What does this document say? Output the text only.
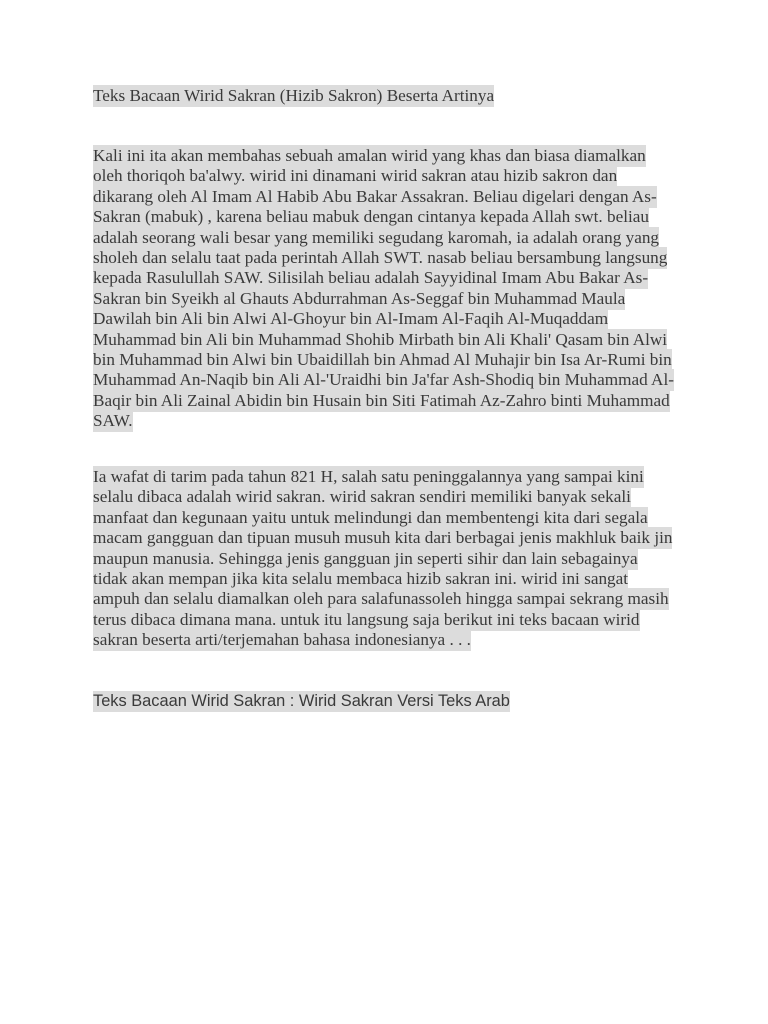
Teks Bacaan Wirid Sakran (Hizib Sakron) Beserta Artinya

Kali ini ita akan membahas sebuah amalan wirid yang khas dan biasa diamalkan oleh thoriqoh ba'alwy. wirid ini dinamani wirid sakran atau hizib sakron dan dikarang oleh Al Imam Al Habib Abu Bakar Assakran. Beliau digelari dengan As-Sakran (mabuk) , karena beliau mabuk dengan cintanya kepada Allah swt. beliau adalah seorang wali besar yang memiliki segudang karomah, ia adalah orang yang sholeh dan selalu taat pada perintah Allah SWT. nasab beliau bersambung langsung kepada Rasulullah SAW. Silisilah beliau adalah Sayyidinal Imam Abu Bakar As-Sakran bin Syeikh al Ghauts Abdurrahman As-Seggaf bin Muhammad Maula Dawilah bin Ali bin Alwi Al-Ghoyur bin Al-Imam Al-Faqih Al-Muqaddam Muhammad bin Ali bin Muhammad Shohib Mirbath bin Ali Khali' Qasam bin Alwi bin Muhammad bin Alwi bin Ubaidillah bin Ahmad Al Muhajir bin Isa Ar-Rumi bin Muhammad An-Naqib bin Ali Al-'Uraidhi bin Ja'far Ash-Shodiq bin Muhammad Al-Baqir bin Ali Zainal Abidin bin Husain bin Siti Fatimah Az-Zahro binti Muhammad SAW.

Ia wafat di tarim pada tahun 821 H, salah satu peninggalannya yang sampai kini selalu dibaca adalah wirid sakran. wirid sakran sendiri memiliki banyak sekali manfaat dan kegunaan yaitu untuk melindungi dan membentengi kita dari segala macam gangguan dan tipuan musuh musuh kita dari berbagai jenis makhluk baik jin maupun manusia. Sehingga jenis gangguan jin seperti sihir dan lain sebagainya tidak akan mempan jika kita selalu membaca hizib sakran ini. wirid ini sangat ampuh dan selalu diamalkan oleh para salafunassoleh hingga sampai sekrang masih terus dibaca dimana mana. untuk itu langsung saja berikut ini teks bacaan wirid sakran beserta arti/terjemahan bahasa indonesianya . . .

Teks Bacaan Wirid Sakran : Wirid Sakran Versi Teks Arab
